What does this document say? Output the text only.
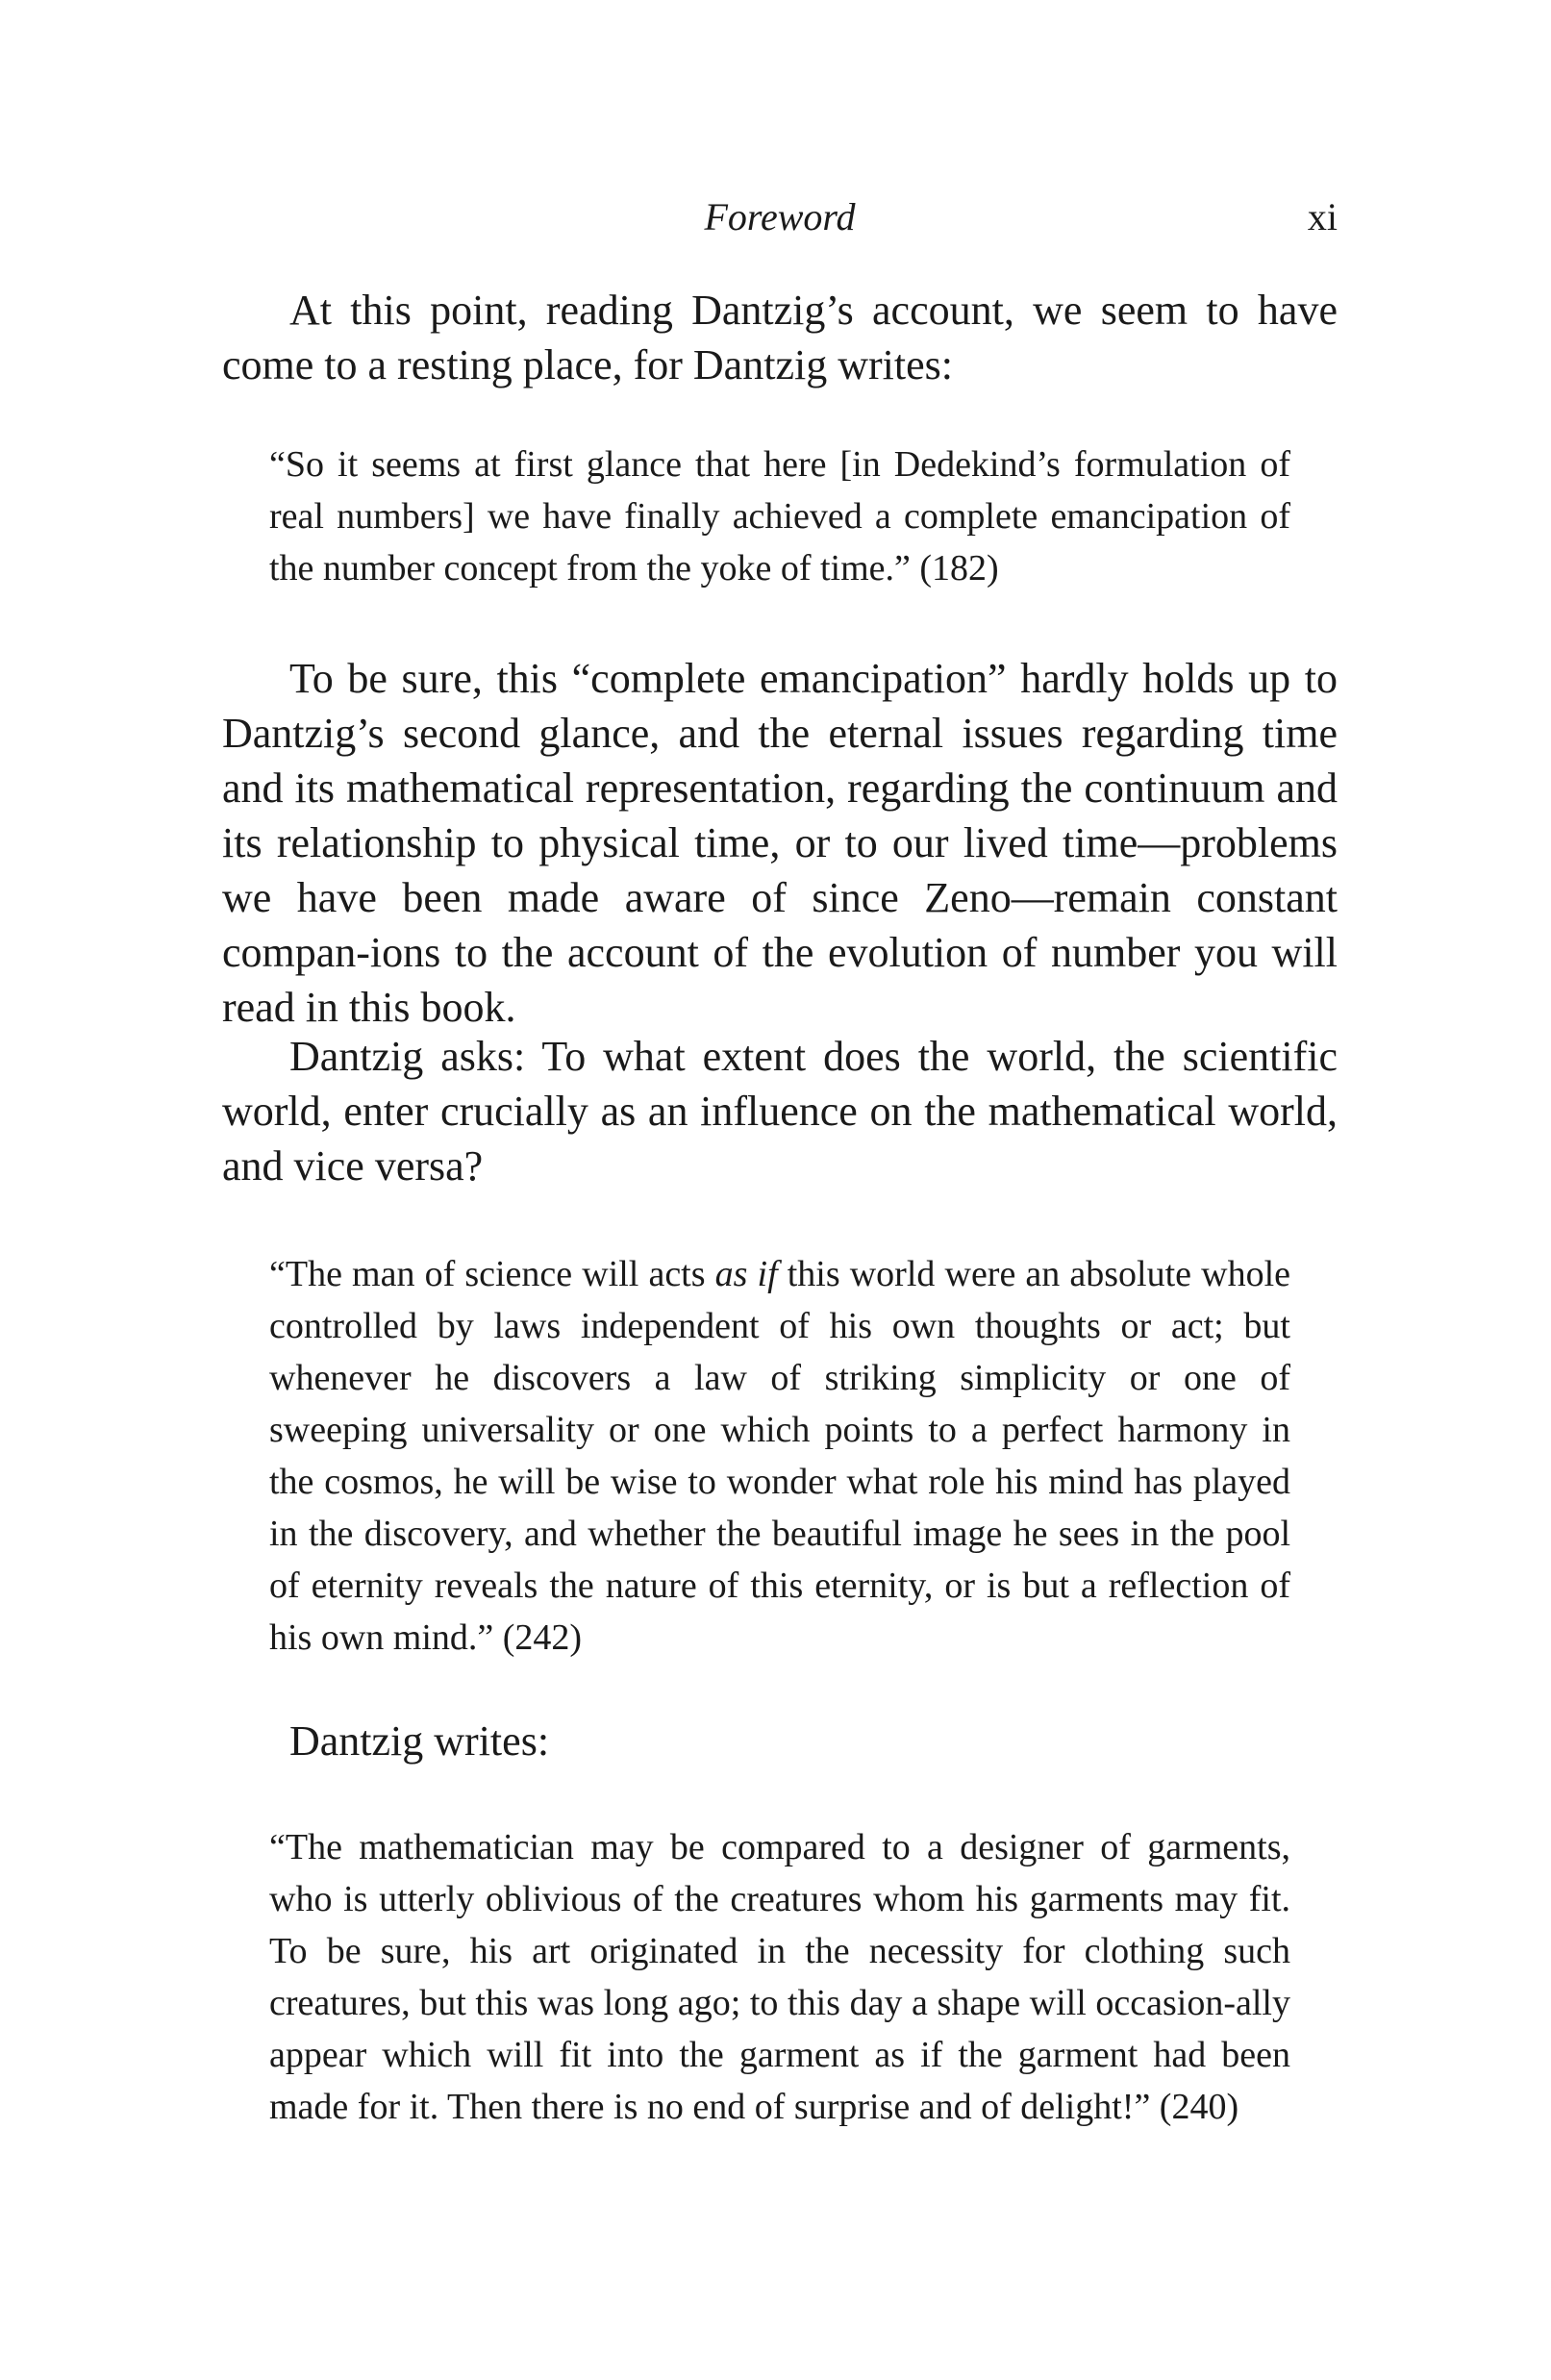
Foreword	xi

At this point, reading Dantzig’s account, we seem to have come to a resting place, for Dantzig writes:

“So it seems at first glance that here [in Dedekind’s formulation of real numbers] we have finally achieved a complete emancipation of the number concept from the yoke of time.” (182)

To be sure, this “complete emancipation” hardly holds up to Dantzig’s second glance, and the eternal issues regarding time and its mathematical representation, regarding the continuum and its relationship to physical time, or to our lived time—problems we have been made aware of since Zeno—remain constant compan-ions to the account of the evolution of number you will read in this book.

Dantzig asks: To what extent does the world, the scientific world, enter crucially as an influence on the mathematical world, and vice versa?

“The man of science will acts as if this world were an absolute whole controlled by laws independent of his own thoughts or act; but whenever he discovers a law of striking simplicity or one of sweeping universality or one which points to a perfect harmony in the cosmos, he will be wise to wonder what role his mind has played in the discovery, and whether the beautiful image he sees in the pool of eternity reveals the nature of this eternity, or is but a reflection of his own mind.” (242)

Dantzig writes:

“The mathematician may be compared to a designer of garments, who is utterly oblivious of the creatures whom his garments may fit. To be sure, his art originated in the necessity for clothing such creatures, but this was long ago; to this day a shape will occasion-ally appear which will fit into the garment as if the garment had been made for it. Then there is no end of surprise and of delight!” (240)
